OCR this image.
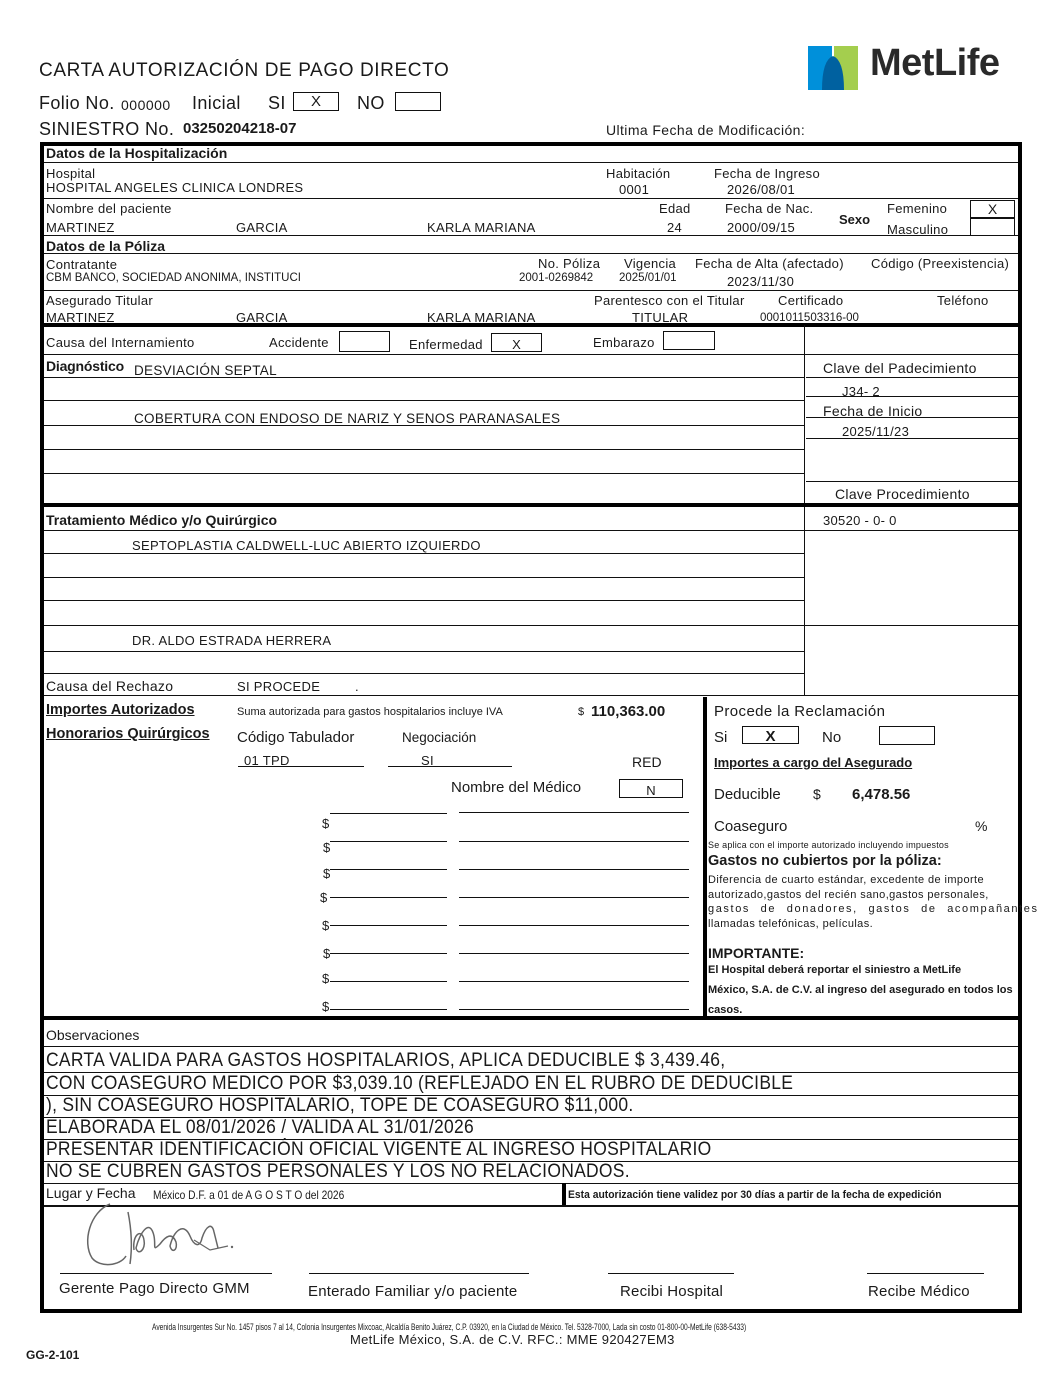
CARTA AUTORIZACIÓN DE PAGO DIRECTO
Folio No. 000000 Inicial SI	X	NO
SINIESTRO No. 03250204218-07	Ultima Fecha de Modificación:
MetLife
Datos de la Hospitalización
Hospital
HOSPITAL ANGELES CLINICA LONDRES
Habitación
0001
Fecha de Ingreso
2026/08/01
Nombre del paciente
MARTINEZ	GARCIA	KARLA MARIANA
Edad
24
Fecha de Nac.
2000/09/15
Sexo
Femenino	X
Masculino
Datos de la Póliza
Contratante
CBM BANCO, SOCIEDAD ANONIMA, INSTITUCI
No. Póliza
2001-0269842
Vigencia
2025/01/01
Fecha de Alta (afectado)
2023/11/30
Código (Preexistencia)
Asegurado Titular
MARTINEZ	GARCIA	KARLA MARIANA
Parentesco con el Titular
TITULAR
Certificado
0001011503316-00
Teléfono
Causa del Internamiento	Accidente	Enfermedad	X	Embarazo
Diagnóstico DESVIACIÓN SEPTAL
COBERTURA CON ENDOSO DE NARIZ Y SENOS PARANASALES
Clave del Padecimiento
J34- 2
Fecha de Inicio
2025/11/23
Clave Procedimiento
Tratamiento Médico y/o Quirúrgico	30520 - 0- 0
SEPTOPLASTIA CALDWELL-LUC ABIERTO IZQUIERDO
DR. ALDO ESTRADA HERRERA
Causa del Rechazo	SI PROCEDE	.
Importes Autorizados	Suma autorizada para gastos hospitalarios incluye IVA	$ 110,363.00
Honorarios Quirúrgicos Código Tabulador	Negociación
01 TPD	SI	RED
Nombre del Médico	N
$
$
$
$
$
$
$
$
Procede la Reclamación
Si	X	No
Importes a cargo del Asegurado
Deducible $ 6,478.56
Coaseguro	%
Se aplica con el importe autorizado incluyendo impuestos
Gastos no cubiertos por la póliza:
Diferencia de cuarto estándar, excedente de importe
autorizado,gastos del recién sano,gastos personales,
gastos de donadores, gastos de acompañantes
llamadas telefónicas, películas.
IMPORTANTE:
El Hospital deberá reportar el siniestro a MetLife
México, S.A. de C.V. al ingreso del asegurado en todos los
casos.
Observaciones
CARTA VALIDA PARA GASTOS HOSPITALARIOS, APLICA DEDUCIBLE $ 3,439.46,
CON COASEGURO MEDICO POR $3,039.10 (REFLEJADO EN EL RUBRO DE DEDUCIBLE
), SIN COASEGURO HOSPITALARIO, TOPE DE COASEGURO $11,000.
ELABORADA EL 08/01/2026 / VALIDA AL 31/01/2026
PRESENTAR IDENTIFICACIÓN OFICIAL VIGENTE AL INGRESO HOSPITALARIO
NO SE CUBREN GASTOS PERSONALES Y LOS NO RELACIONADOS.
Lugar y Fecha México D.F. a 01 de A G O S T O del 2026	Esta autorización tiene validez por 30 días a partir de la fecha de expedición
Gerente Pago Directo GMM	Enterado Familiar y/o paciente	Recibi Hospital	Recibe Médico
Avenida Insurgentes Sur No. 1457 pisos 7 al 14, Colonia Insurgentes Mixcoac, Alcaldía Benito Juárez, C.P. 03920, en la Ciudad de México. Tel. 5328-7000, Lada sin costo 01-800-00-MetLife (638-5433)
MetLife México, S.A. de C.V. RFC.: MME 920427EM3
GG-2-101
